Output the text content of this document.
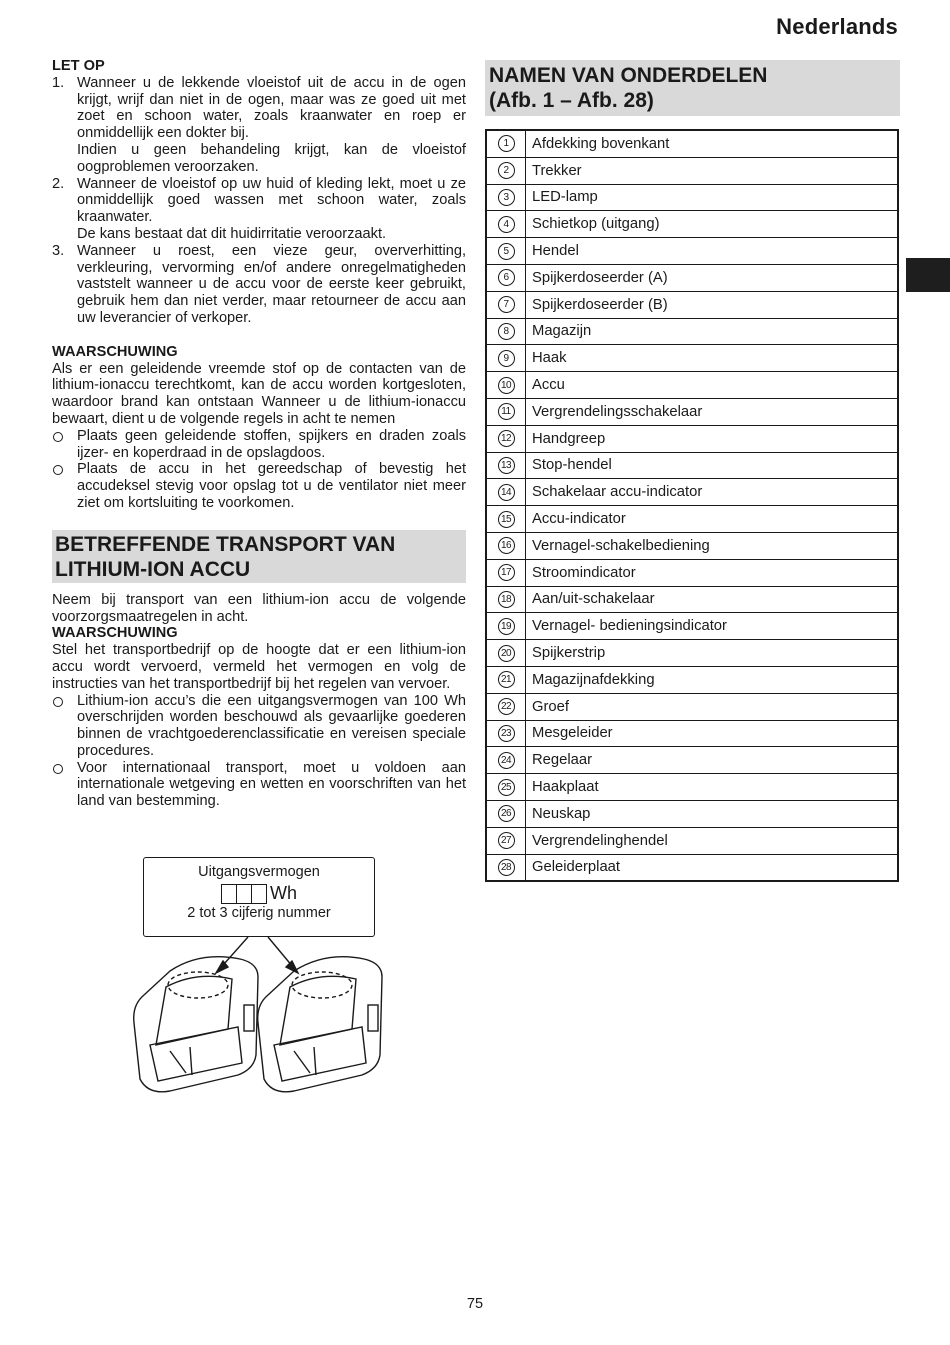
Nederlands
LET OP
1. Wanneer u de lekkende vloeistof uit de accu in de ogen krijgt, wrijf dan niet in de ogen, maar was ze goed uit met zoet en schoon water, zoals kraanwater en roep er onmiddellijk een dokter bij.

Indien u geen behandeling krijgt, kan de vloeistof oogproblemen veroorzaken.

2. Wanneer de vloeistof op uw huid of kleding lekt, moet u ze onmiddellijk goed wassen met schoon water, zoals kraanwater.

De kans bestaat dat dit huidirritatie veroorzaakt.

3. Wanneer u roest, een vieze geur, oververhitting, verkleuring, vervorming en/of andere onregelmatigheden vaststelt wanneer u de accu voor de eerste keer gebruikt, gebruik hem dan niet verder, maar retourneer de accu aan uw leverancier of verkoper.

WAARSCHUWING

Als er een geleidende vreemde stof op de contacten van de lithium-ionaccu terechtkomt, kan de accu worden kortgesloten, waardoor brand kan ontstaan Wanneer u de lithium-ionaccu bewaart, dient u de volgende regels in acht te nemen

Plaats geen geleidende stoffen, spijkers en draden zoals ijzer- en koperdraad in de opslagdoos.
Plaats de accu in het gereedschap of bevestig het accudeksel stevig voor opslag tot u de ventilator niet meer ziet om kortsluiting te voorkomen.
BETREFFENDE TRANSPORT VAN LITHIUM-ION ACCU

Neem bij transport van een lithium-ion accu de volgende voorzorgsmaatregelen in acht.

WAARSCHUWING

Stel het transportbedrijf op de hoogte dat er een lithium-ion accu wordt vervoerd, vermeld het vermogen en volg de instructies van het transportbedrijf bij het regelen van vervoer.

Lithium-ion accu’s die een uitgangsvermogen van 100 Wh overschrijden worden beschouwd als gevaarlijke goederen binnen de vrachtgoederenclassificatie en vereisen speciale procedures.
Voor internationaal transport, moet u voldoen aan internationale wetgeving en wetten en voorschriften van het land van bestemming.
Uitgangsvermogen
Wh
2 tot 3 cijferig nummer
NAMEN VAN ONDERDELEN
(Afb. 1 – Afb. 28)
1	Afdekking bovenkant
2	Trekker
3	LED-lamp
4	Schietkop (uitgang)
5	Hendel
6	Spijkerdoseerder (A)
7	Spijkerdoseerder (B)
8	Magazijn
9	Haak
10	Accu
11	Vergrendelingsschakelaar
12	Handgreep
13	Stop-hendel
14	Schakelaar accu-indicator
15	Accu-indicator
16	Vernagel-schakelbediening
17	Stroomindicator
18	Aan/uit-schakelaar
19	Vernagel- bedieningsindicator
20	Spijkerstrip
21	Magazijnafdekking
22	Groef
23	Mesgeleider
24	Regelaar
25	Haakplaat
26	Neuskap
27	Vergrendelinghendel
28	Geleiderplaat
75
